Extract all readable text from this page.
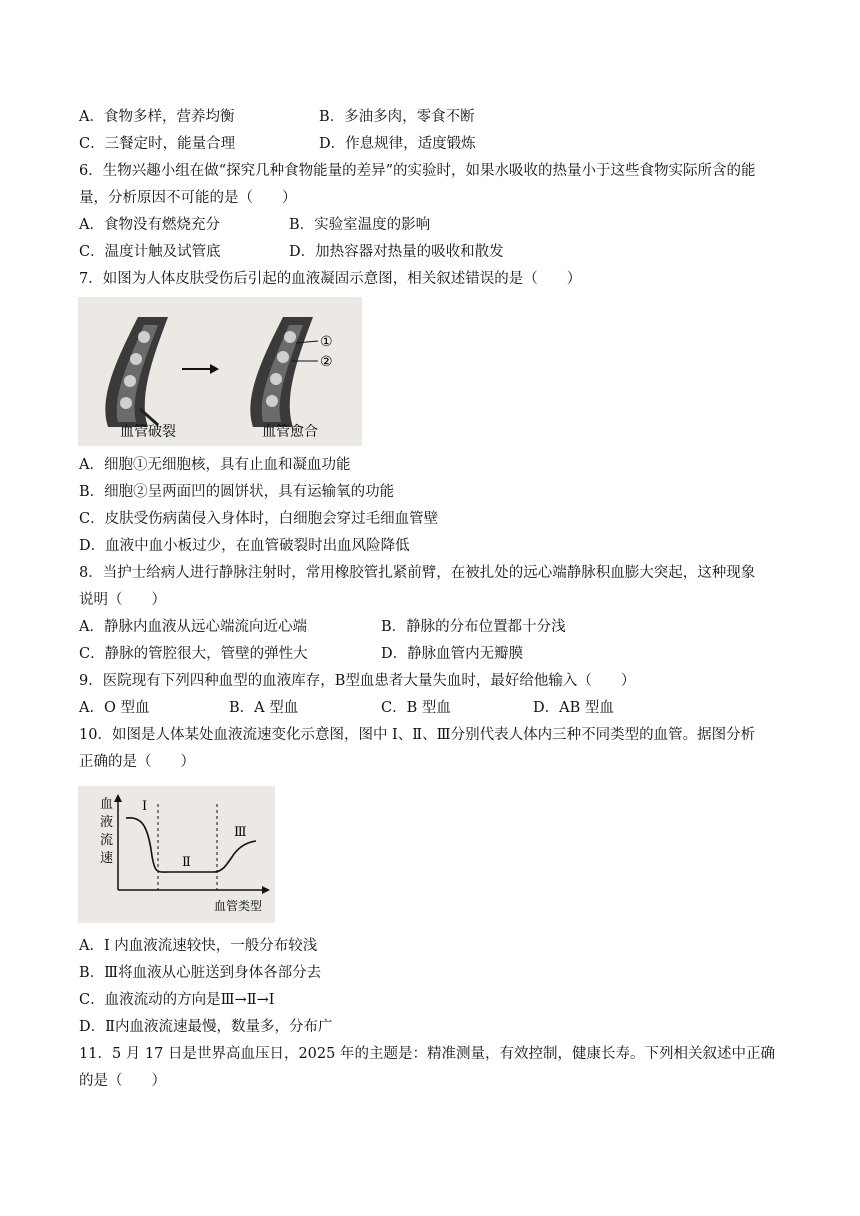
A．食物多样，营养均衡	B．多油多肉，零食不断
C．三餐定时，能量合理	D．作息规律，适度锻炼
6．生物兴趣小组在做“探究几种食物能量的差异”的实验时，如果水吸收的热量小于这些食物实际所含的能
量，分析原因不可能的是（　　）
A．食物没有燃烧充分	B．实验室温度的影响
C．温度计触及试管底	D．加热容器对热量的吸收和散发
7．如图为人体皮肤受伤后引起的血液凝固示意图，相关叙述错误的是（　　）
①
②
血管破裂	血管愈合
A．细胞①无细胞核，具有止血和凝血功能
B．细胞②呈两面凹的圆饼状，具有运输氧的功能
C．皮肤受伤病菌侵入身体时，白细胞会穿过毛细血管壁
D．血液中血小板过少，在血管破裂时出血风险降低
8．当护士给病人进行静脉注射时，常用橡胶管扎紧前臂，在被扎处的远心端静脉积血膨大突起，这种现象
说明（　　）
A．静脉内血液从远心端流向近心端	B．静脉的分布位置都十分浅
C．静脉的管腔很大，管壁的弹性大	D．静脉血管内无瓣膜
9．医院现有下列四种血型的血液库存，B型血患者大量失血时，最好给他输入（　　）
A．O 型血	B．A 型血	C．B 型血	D．AB 型血
10．如图是人体某处血液流速变化示意图，图中 I、Ⅱ、Ⅲ分别代表人体内三种不同类型的血管。据图分析
正确的是（　　）
血
液
流
速
Ⅰ
Ⅱ
Ⅲ
血管类型
A．I 内血液流速较快，一般分布较浅
B．Ⅲ将血液从心脏送到身体各部分去
C．血液流动的方向是Ⅲ→Ⅱ→I
D．Ⅱ内血液流速最慢，数量多，分布广
11．5 月 17 日是世界高血压日，2025 年的主题是：精准测量，有效控制，健康长寿。下列相关叙述中正确
的是（　　）
